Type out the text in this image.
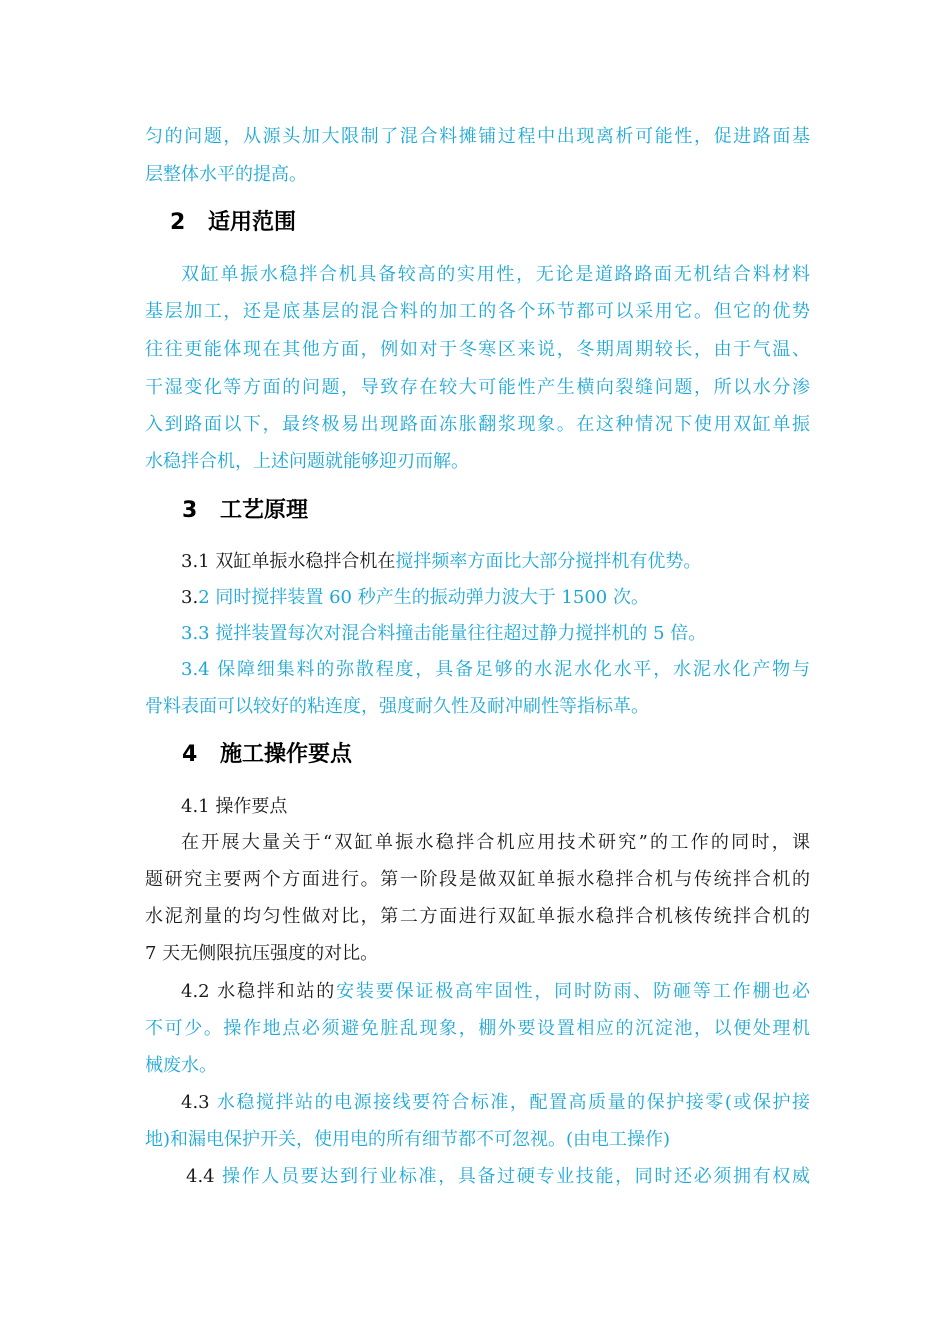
匀的问题，从源头加大限制了混合料摊铺过程中出现离析可能性，促进路面基
层整体水平的提高。
2 适用范围
双缸单振水稳拌合机具备较高的实用性，无论是道路路面无机结合料材料
基层加工，还是底基层的混合料的加工的各个环节都可以采用它。但它的优势
往往更能体现在其他方面，例如对于冬寒区来说，冬期周期较长，由于气温、
干湿变化等方面的问题，导致存在较大可能性产生横向裂缝问题，所以水分渗
入到路面以下，最终极易出现路面冻胀翻浆现象。在这种情况下使用双缸单振
水稳拌合机，上述问题就能够迎刃而解。
3 工艺原理
3.1 双缸单振水稳拌合机在搅拌频率方面比大部分搅拌机有优势。
3.2 同时搅拌装置 60 秒产生的振动弹力波大于 1500 次。
3.3 搅拌装置每次对混合料撞击能量往往超过静力搅拌机的 5 倍。
3.4 保障细集料的弥散程度，具备足够的水泥水化水平，水泥水化产物与
骨料表面可以较好的粘连度，强度耐久性及耐冲刷性等指标革。
4 施工操作要点
4.1 操作要点
在开展大量关于“双缸单振水稳拌合机应用技术研究”的工作的同时，课
题研究主要两个方面进行。第一阶段是做双缸单振水稳拌合机与传统拌合机的
水泥剂量的均匀性做对比，第二方面进行双缸单振水稳拌合机核传统拌合机的
7 天无侧限抗压强度的对比。
4.2 水稳拌和站的安装要保证极高牢固性，同时防雨、防砸等工作棚也必
不可少。操作地点必须避免脏乱现象，棚外要设置相应的沉淀池，以便处理机
械废水。
4.3 水稳搅拌站的电源接线要符合标准，配置高质量的保护接零(或保护接
地)和漏电保护开关，使用电的所有细节都不可忽视。(由电工操作)
4.4 操作人员要达到行业标准，具备过硬专业技能，同时还必须拥有权威
